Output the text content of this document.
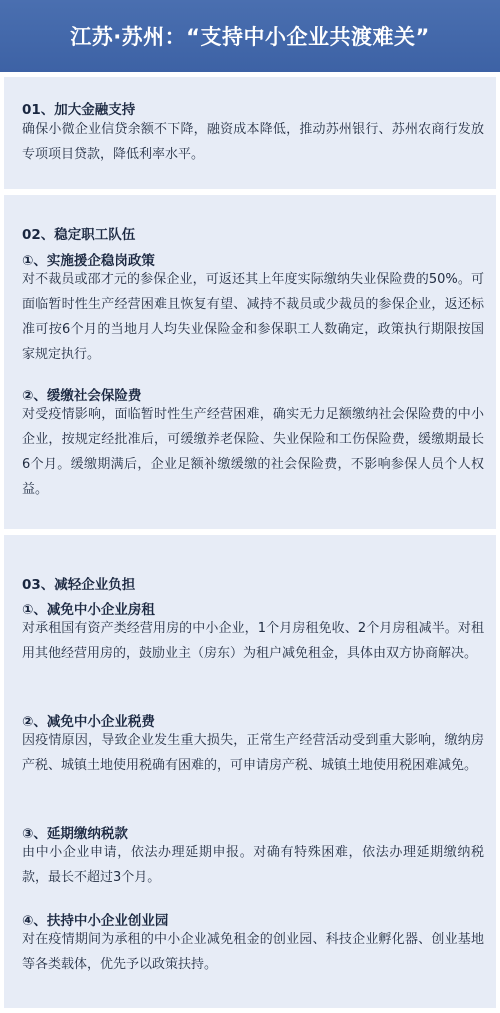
江苏·苏州：“支持中小企业共渡难关”

01、加大金融支持

确保小微企业信贷余额不下降，融资成本降低，推动苏州银行、苏州农商行发放专项项目贷款，降低利率水平。

02、稳定职工队伍

①、实施援企稳岗政策

对不裁员或邵才元的参保企业，可返还其上年度实际缴纳失业保险费的50%。可面临暂时性生产经营困难且恢复有望、减持不裁员或少裁员的参保企业，返还标准可按6个月的当地月人均失业保险金和参保职工人数确定，政策执行期限按国家规定执行。

②、缓缴社会保险费

对受疫情影响，面临暂时性生产经营困难，确实无力足额缴纳社会保险费的中小企业，按规定经批准后，可缓缴养老保险、失业保险和工伤保险费，缓缴期最长6个月。缓缴期满后，企业足额补缴缓缴的社会保险费，不影响参保人员个人权益。

03、减轻企业负担

①、减免中小企业房租

对承租国有资产类经营用房的中小企业，1个月房租免收、2个月房租减半。对租用其他经营用房的，鼓励业主（房东）为租户减免租金，具体由双方协商解决。

②、减免中小企业税费

因疫情原因，导致企业发生重大损失，正常生产经营活动受到重大影响，缴纳房产税、城镇土地使用税确有困难的，可申请房产税、城镇土地使用税困难减免。

③、延期缴纳税款

由中小企业申请，依法办理延期申报。对确有特殊困难，依法办理延期缴纳税款，最长不超过3个月。

④、扶持中小企业创业园

对在疫情期间为承租的中小企业减免租金的创业园、科技企业孵化器、创业基地等各类载体，优先予以政策扶持。
